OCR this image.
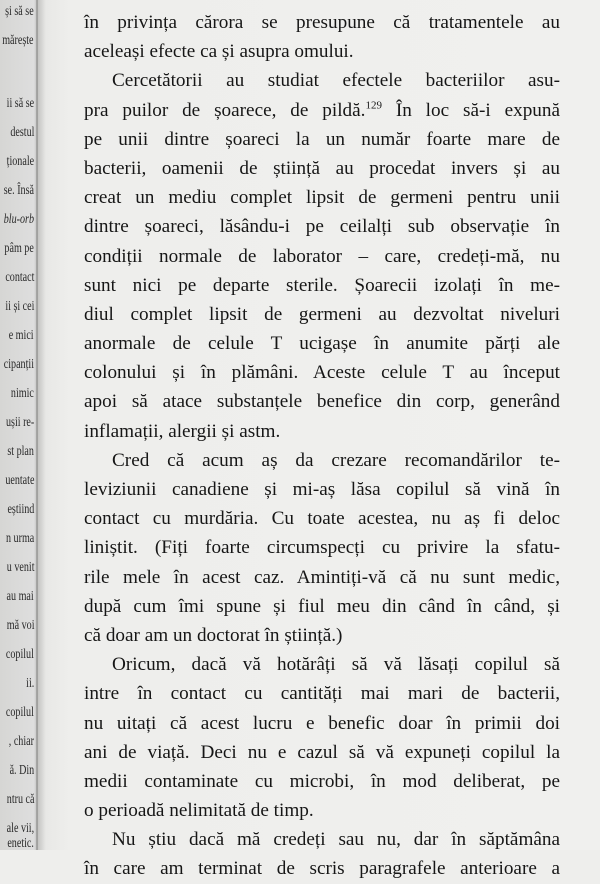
și să se
mărește
ii să se
destul
ționale
se. Însă
blu-orb
pâm pe
contact
ii și cei
e mici
cipanții
nimic
ușii re-
st plan
uentate
eștiind
n urma
u venit
au mai
mă voi
copilul
ii.
copilul
, chiar
ă. Din
ntru că
ale vii,
enetic.
în privința cărora se presupune că tratamentele au
aceleași efecte ca și asupra omului.
Cercetătorii au studiat efectele bacteriilor asu-
pra puilor de șoarece, de pildă.$^{129}$ În loc să-i expună
pe unii dintre șoareci la un număr foarte mare de
bacterii, oamenii de știință au procedat invers și au
creat un mediu complet lipsit de germeni pentru unii
dintre șoareci, lăsându-i pe ceilalți sub observație în
condiții normale de laborator – care, credeți-mă, nu
sunt nici pe departe sterile. Șoarecii izolați în me-
diul complet lipsit de germeni au dezvoltat niveluri
anormale de celule T ucigașe în anumite părți ale
colonului și în plămâni. Aceste celule T au început
apoi să atace substanțele benefice din corp, generând
inflamații, alergii și astm.
Cred că acum aș da crezare recomandărilor te-
leviziunii canadiene și mi-aș lăsa copilul să vină în
contact cu murdăria. Cu toate acestea, nu aș fi deloc
liniștit. (Fiți foarte circumspecți cu privire la sfatu-
rile mele în acest caz. Amintiți-vă că nu sunt medic,
după cum îmi spune și fiul meu din când în când, și
că doar am un doctorat în știință.)
Oricum, dacă vă hotărâți să vă lăsați copilul să
intre în contact cu cantități mai mari de bacterii,
nu uitați că acest lucru e benefic doar în primii doi
ani de viață. Deci nu e cazul să vă expuneți copilul la
medii contaminate cu microbi, în mod deliberat, pe
o perioadă nelimitată de timp.
Nu știu dacă mă credeți sau nu, dar în săptămâna
în care am terminat de scris paragrafele anterioare a
